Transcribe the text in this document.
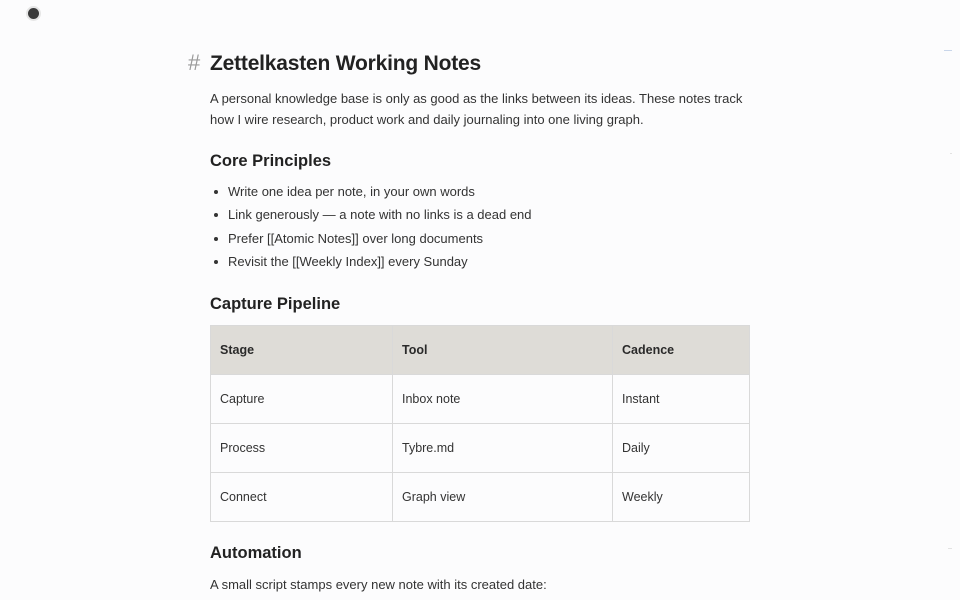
# Zettelkasten Working Notes

A personal knowledge base is only as good as the links between its ideas. These notes track how I wire research, product work and daily journaling into one living graph.

Core Principles
Write one idea per note, in your own words
Link generously — a note with no links is a dead end
Prefer [[Atomic Notes]] over long documents
Revisit the [[Weekly Index]] every Sunday
Capture Pipeline
Stage	Tool	Cadence
Capture	Inbox note	Instant
Process	Tybre.md	Daily
Connect	Graph view	Weekly
Automation

A small script stamps every new note with its created date:
